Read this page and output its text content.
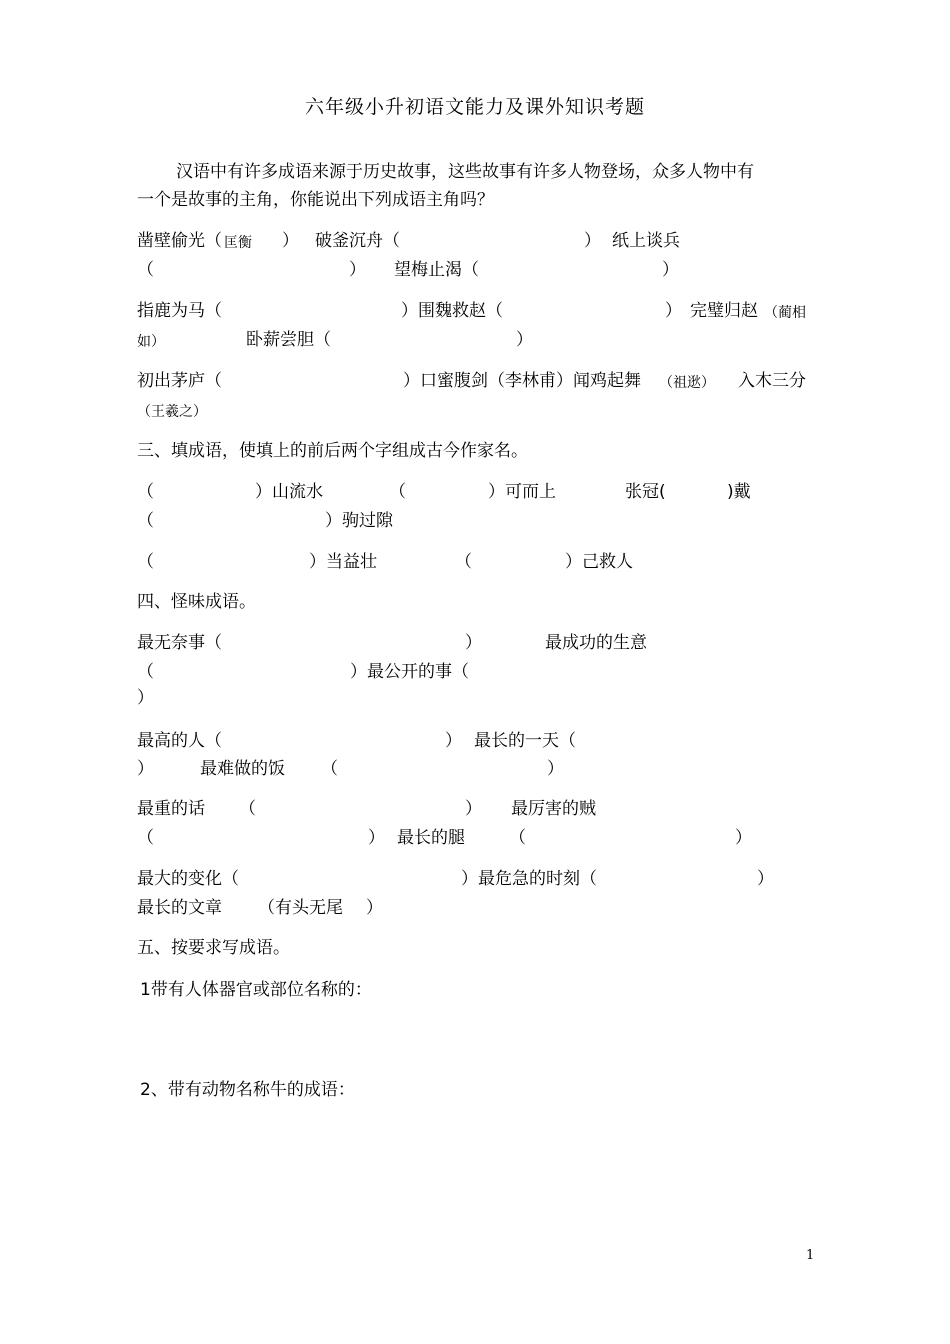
六年级小升初语文能力及课外知识考题
汉语中有许多成语来源于历史故事，这些故事有许多人物登场，众多人物中有
一个是故事的主角，你能说出下列成语主角吗？
凿壁偷光（ 匡衡 ） 破釜沉舟（	） 纸上谈兵
（	） 望梅止渴（	）
指鹿为马（	）围魏救赵（	） 完璧归赵 （蔺相
如）	卧薪尝胆（	）
初出茅庐（	）口蜜腹剑（李林甫）闻鸡起舞 （祖逖） 入木三分
（王羲之）
三、填成语，使填上的前后两个字组成古今作家名。
（	）山流水	（	）可而上	张冠(	)戴
（	）驹过隙
（	）当益壮	（	）己救人
四、怪味成语。
最无奈事（	）	最成功的生意
（	）最公开的事（
）
最高的人（	） 最长的一天（
）	最难做的饭 （	）
最重的话 （	） 最厉害的贼
（	） 最长的腿	（	）
最大的变化（	）最危急的时刻（	）
最长的文章 （有头无尾 ）
五、按要求写成语。
1带有人体器官或部位名称的：
2、带有动物名称牛的成语：
1
